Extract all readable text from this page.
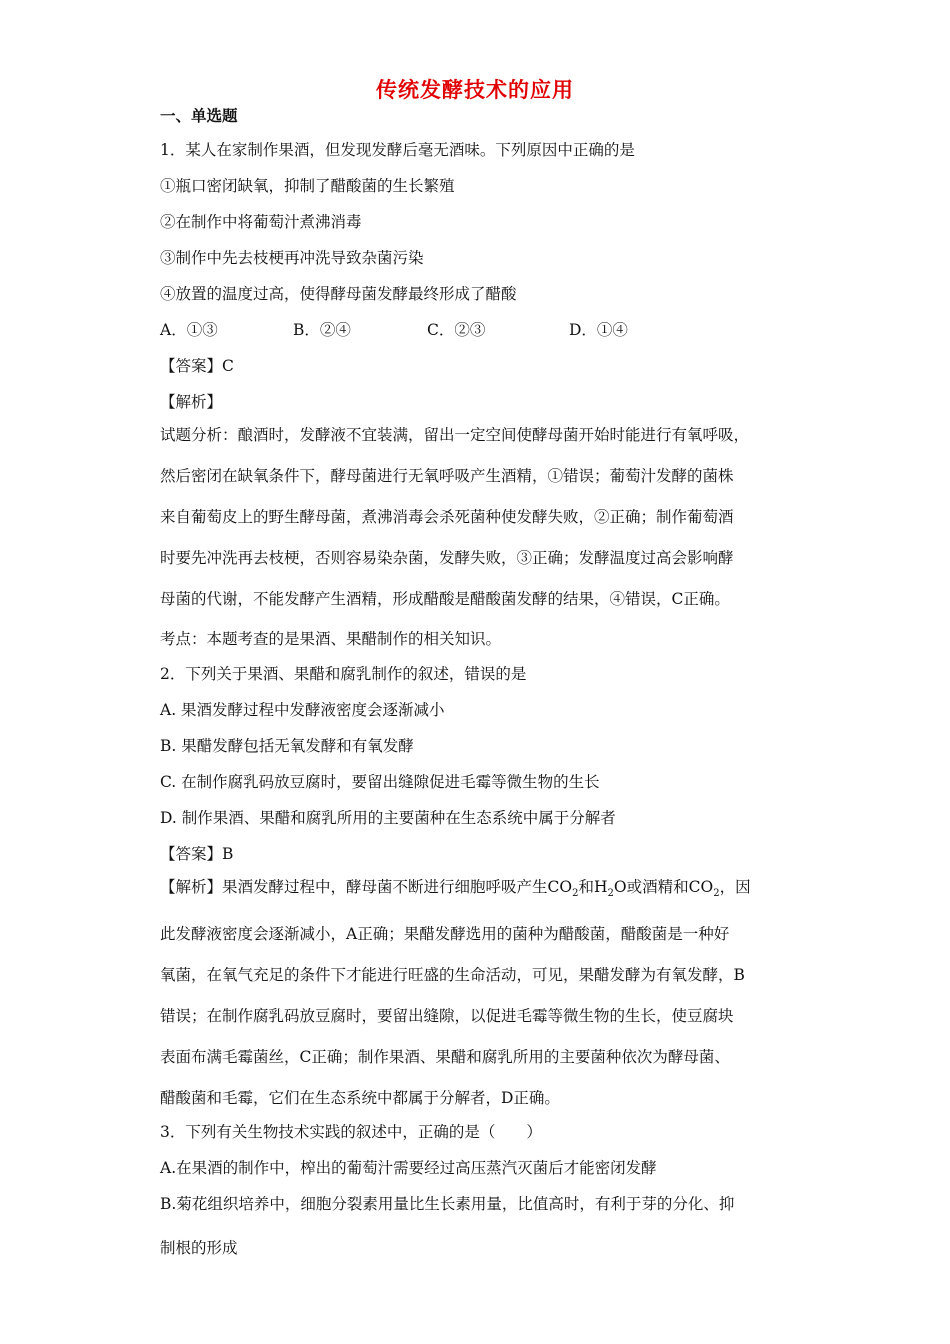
传统发酵技术的应用
一、单选题
1．某人在家制作果酒，但发现发酵后毫无酒味。下列原因中正确的是
①瓶口密闭缺氧，抑制了醋酸菌的生长繁殖
②在制作中将葡萄汁煮沸消毒
③制作中先去枝梗再冲洗导致杂菌污染
④放置的温度过高，使得酵母菌发酵最终形成了醋酸
A．①③	B．②④	C．②③	D．①④
【答案】C
【解析】
试题分析：酿酒时，发酵液不宜装满，留出一定空间使酵母菌开始时能进行有氧呼吸，
然后密闭在缺氧条件下，酵母菌进行无氧呼吸产生酒精，①错误；葡萄汁发酵的菌株
来自葡萄皮上的野生酵母菌，煮沸消毒会杀死菌种使发酵失败，②正确；制作葡萄酒
时要先冲洗再去枝梗，否则容易染杂菌，发酵失败，③正确；发酵温度过高会影响酵
母菌的代谢，不能发酵产生酒精，形成醋酸是醋酸菌发酵的结果，④错误，C正确。
考点：本题考查的是果酒、果醋制作的相关知识。
2．下列关于果酒、果醋和腐乳制作的叙述，错误的是
A. 果酒发酵过程中发酵液密度会逐渐减小
B. 果醋发酵包括无氧发酵和有氧发酵
C. 在制作腐乳码放豆腐时，要留出缝隙促进毛霉等微生物的生长
D. 制作果酒、果醋和腐乳所用的主要菌种在生态系统中属于分解者
【答案】B
【解析】果酒发酵过程中，酵母菌不断进行细胞呼吸产生$CO_2$和$H_2O$或酒精和$CO_2$，因
此发酵液密度会逐渐减小，A正确；果醋发酵选用的菌种为醋酸菌，醋酸菌是一种好
氧菌，在氧气充足的条件下才能进行旺盛的生命活动，可见，果醋发酵为有氧发酵，B
错误；在制作腐乳码放豆腐时，要留出缝隙，以促进毛霉等微生物的生长，使豆腐块
表面布满毛霉菌丝，C正确；制作果酒、果醋和腐乳所用的主要菌种依次为酵母菌、
醋酸菌和毛霉，它们在生态系统中都属于分解者，D正确。
3．下列有关生物技术实践的叙述中，正确的是（　　）
A.在果酒的制作中，榨出的葡萄汁需要经过高压蒸汽灭菌后才能密闭发酵
B.菊花组织培养中，细胞分裂素用量比生长素用量，比值高时，有利于芽的分化、抑
制根的形成
